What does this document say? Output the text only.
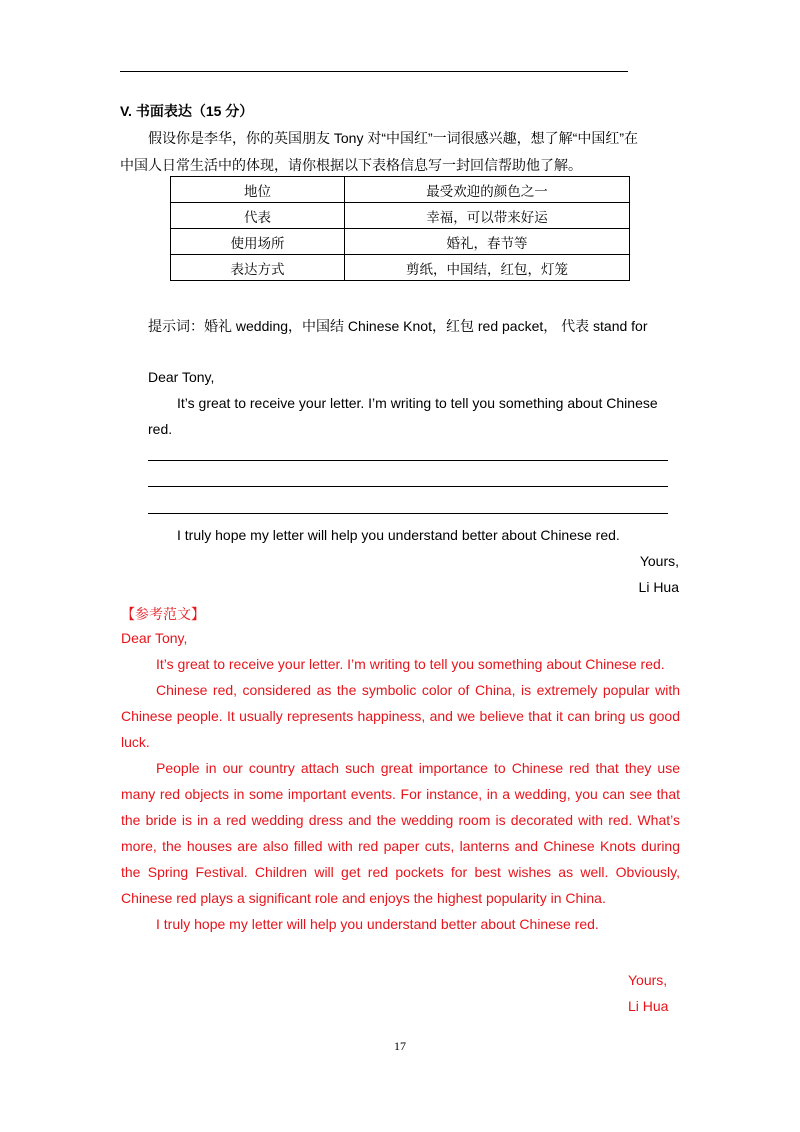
V. 书面表达（15 分）
假设你是李华，你的英国朋友 Tony 对“中国红”一词很感兴趣，想了解“中国红”在
中国人日常生活中的体现，请你根据以下表格信息写一封回信帮助他了解。
地位	最受欢迎的颜色之一
代表	幸福，可以带来好运
使用场所	婚礼，春节等
表达方式	剪纸，中国结，红包，灯笼
提示词：婚礼 wedding，中国结 Chinese Knot，红包 red packet， 代表 stand for
Dear Tony,
It’s great to receive your letter. I’m writing to tell you something about Chinese
red.
I truly hope my letter will help you understand better about Chinese red.
Yours,
Li Hua
【参考范文】

Dear Tony,

It’s great to receive your letter. I’m writing to tell you something about Chinese red.

Chinese red, considered as the symbolic color of China, is extremely popular with Chinese people. It usually represents happiness, and we believe that it can bring us good luck.

People in our country attach such great importance to Chinese red that they use many red objects in some important events. For instance, in a wedding, you can see that the bride is in a red wedding dress and the wedding room is decorated with red. What’s more, the houses are also filled with red paper cuts, lanterns and Chinese Knots during the Spring Festival. Children will get red pockets for best wishes as well. Obviously, Chinese red plays a significant role and enjoys the highest popularity in China.

I truly hope my letter will help you understand better about Chinese red.

Yours,
Li Hua
17
